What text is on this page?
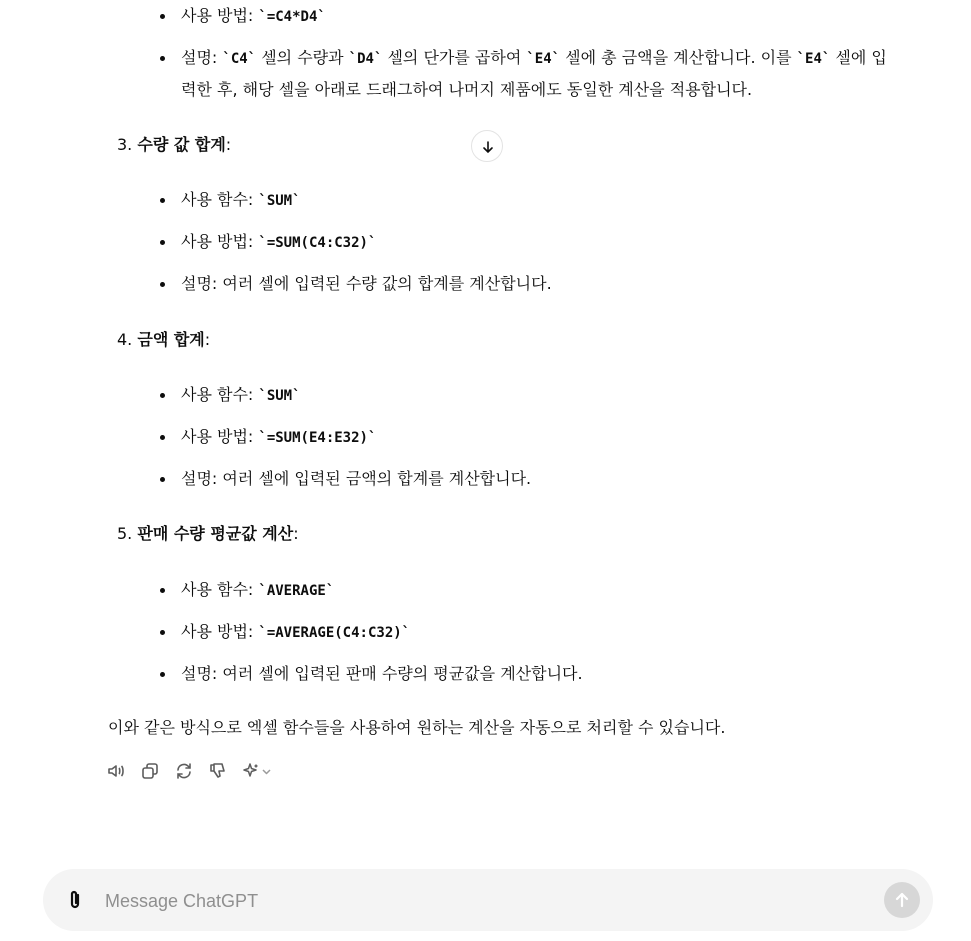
사용 방법: `=C4*D4`
설명: `C4` 셀의 수량과 `D4` 셀의 단가를 곱하여 `E4` 셀에 총 금액을 계산합니다. 이를 `E4` 셀에 입
력한 후, 해당 셀을 아래로 드래그하여 나머지 제품에도 동일한 계산을 적용합니다.
3. 수량 값 합계:
사용 함수: `SUM`
사용 방법: `=SUM(C4:C32)`
설명: 여러 셀에 입력된 수량 값의 합계를 계산합니다.
4. 금액 합계:
사용 함수: `SUM`
사용 방법: `=SUM(E4:E32)`
설명: 여러 셀에 입력된 금액의 합계를 계산합니다.
5. 판매 수량 평균값 계산:
사용 함수: `AVERAGE`
사용 방법: `=AVERAGE(C4:C32)`
설명: 여러 셀에 입력된 판매 수량의 평균값을 계산합니다.
이와 같은 방식으로 엑셀 함수들을 사용하여 원하는 계산을 자동으로 처리할 수 있습니다.
Message ChatGPT
